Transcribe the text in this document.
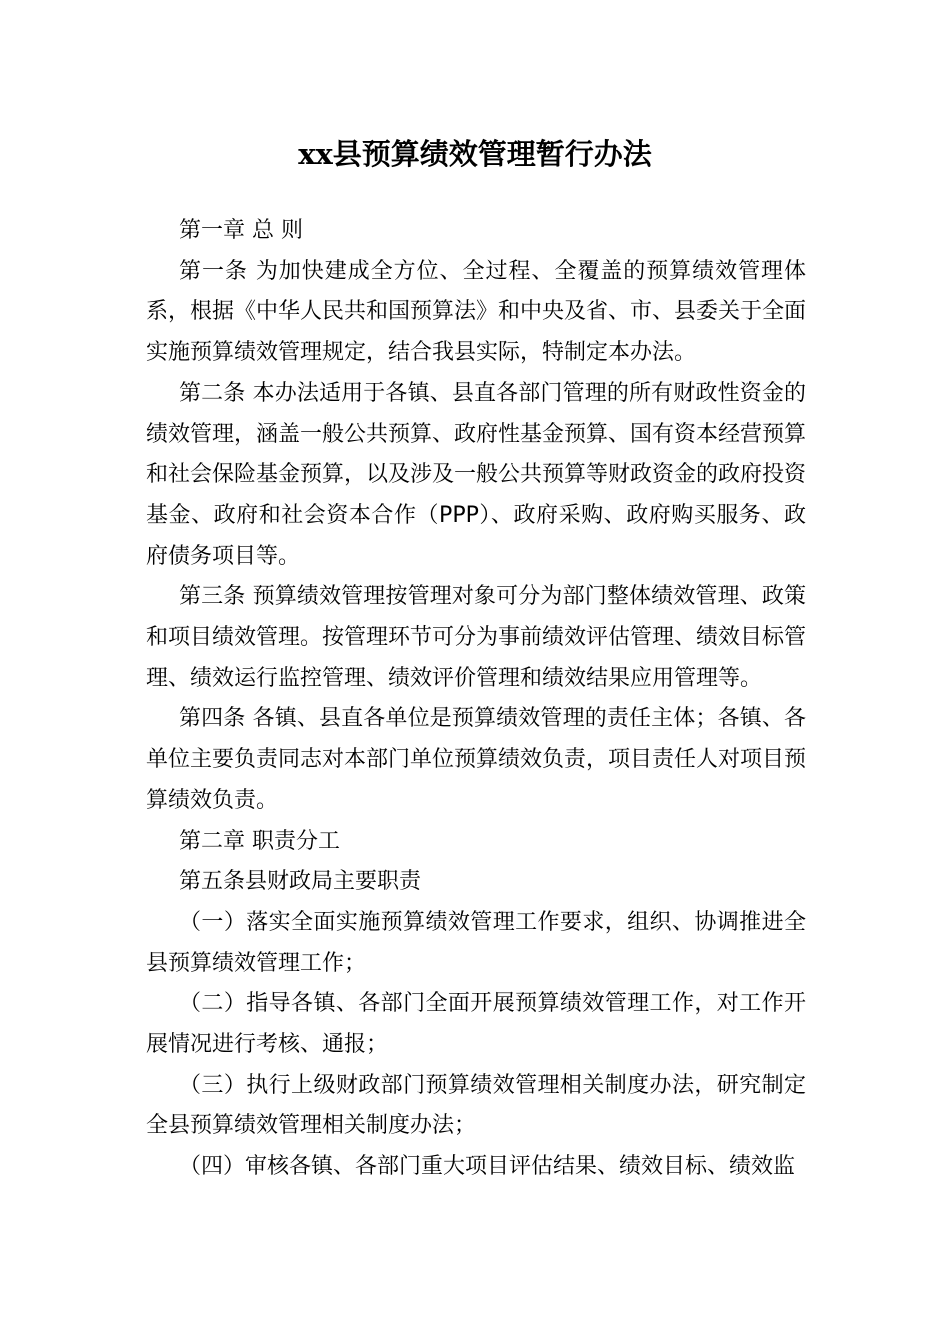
xx县预算绩效管理暂行办法

第一章 总 则

第一条 为加快建成全方位、全过程、全覆盖的预算绩效管理体系，根据《中华人民共和国预算法》和中央及省、市、县委关于全面实施预算绩效管理规定，结合我县实际，特制定本办法。

第二条 本办法适用于各镇、县直各部门管理的所有财政性资金的绩效管理，涵盖一般公共预算、政府性基金预算、国有资本经营预算和社会保险基金预算，以及涉及一般公共预算等财政资金的政府投资基金、政府和社会资本合作（PPP）、政府采购、政府购买服务、政府债务项目等。

第三条 预算绩效管理按管理对象可分为部门整体绩效管理、政策和项目绩效管理。按管理环节可分为事前绩效评估管理、绩效目标管理、绩效运行监控管理、绩效评价管理和绩效结果应用管理等。

第四条 各镇、县直各单位是预算绩效管理的责任主体；各镇、各单位主要负责同志对本部门单位预算绩效负责，项目责任人对项目预算绩效负责。

第二章 职责分工

第五条县财政局主要职责

（一）落实全面实施预算绩效管理工作要求，组织、协调推进全县预算绩效管理工作；

（二）指导各镇、各部门全面开展预算绩效管理工作，对工作开展情况进行考核、通报；

（三）执行上级财政部门预算绩效管理相关制度办法，研究制定全县预算绩效管理相关制度办法；

（四）审核各镇、各部门重大项目评估结果、绩效目标、绩效监
